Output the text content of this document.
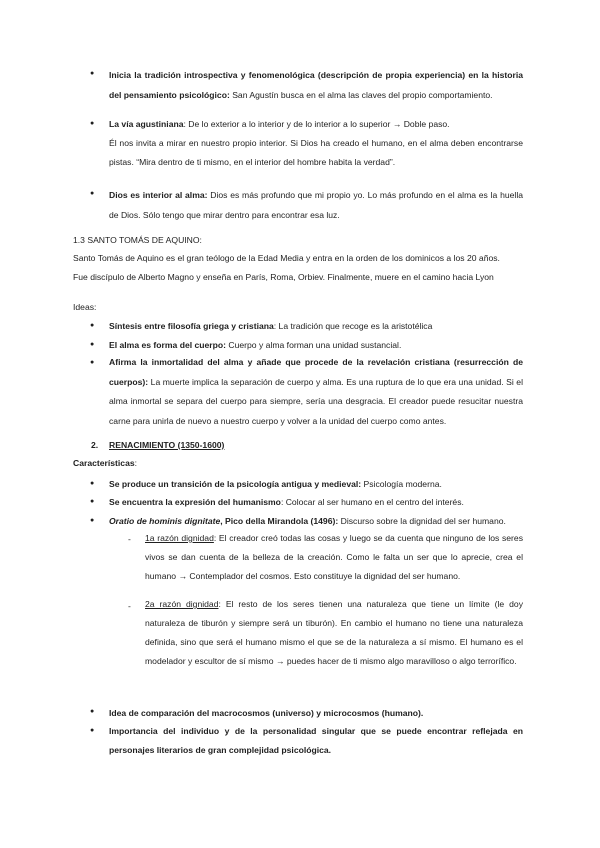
Inicia la tradición introspectiva y fenomenológica (descripción de propia experiencia) en la historia del pensamiento psicológico: San Agustín busca en el alma las claves del propio comportamiento.
La vía agustiniana: De lo exterior a lo interior y de lo interior a lo superior → Doble paso.
Él nos invita a mirar en nuestro propio interior. Si Dios ha creado el humano, en el alma deben encontrarse pistas. “Mira dentro de ti mismo, en el interior del hombre habita la verdad”.
Dios es interior al alma: Dios es más profundo que mi propio yo. Lo más profundo en el alma es la huella de Dios. Sólo tengo que mirar dentro para encontrar esa luz.
1.3 SANTO TOMÁS DE AQUINO:
Santo Tomás de Aquino es el gran teólogo de la Edad Media y entra en la orden de los dominicos a los 20 años.
Fue discípulo de Alberto Magno y enseña en París, Roma, Orbiev. Finalmente, muere en el camino hacia Lyon
Ideas:
Síntesis entre filosofía griega y cristiana: La tradición que recoge es la aristotélica
El alma es forma del cuerpo: Cuerpo y alma forman una unidad sustancial.
Afirma la inmortalidad del alma y añade que procede de la revelación cristiana (resurrección de cuerpos): La muerte implica la separación de cuerpo y alma. Es una ruptura de lo que era una unidad. Si el alma inmortal se separa del cuerpo para siempre, sería una desgracia. El creador puede resucitar nuestra carne para unirla de nuevo a nuestro cuerpo y volver a la unidad del cuerpo como antes.
2. RENACIMIENTO (1350-1600)
Características:
Se produce un transición de la psicología antigua y medieval: Psicología moderna.
Se encuentra la expresión del humanismo: Colocar al ser humano en el centro del interés.
Oratio de hominis dignitate, Pico della Mirandola (1496): Discurso sobre la dignidad del ser humano.
- 1a razón dignidad: El creador creó todas las cosas y luego se da cuenta que ninguno de los seres vivos se dan cuenta de la belleza de la creación. Como le falta un ser que lo aprecie, crea el humano → Contemplador del cosmos. Esto constituye la dignidad del ser humano.
- 2a razón dignidad: El resto de los seres tienen una naturaleza que tiene un límite (le doy naturaleza de tiburón y siempre será un tiburón). En cambio el humano no tiene una naturaleza definida, sino que será el humano mismo el que se de la naturaleza a sí mismo. El humano es el modelador y escultor de sí mismo → puedes hacer de ti mismo algo maravilloso o algo terrorífico.
Idea de comparación del macrocosmos (universo) y microcosmos (humano).
Importancia del individuo y de la personalidad singular que se puede encontrar reflejada en personajes literarios de gran complejidad psicológica.
